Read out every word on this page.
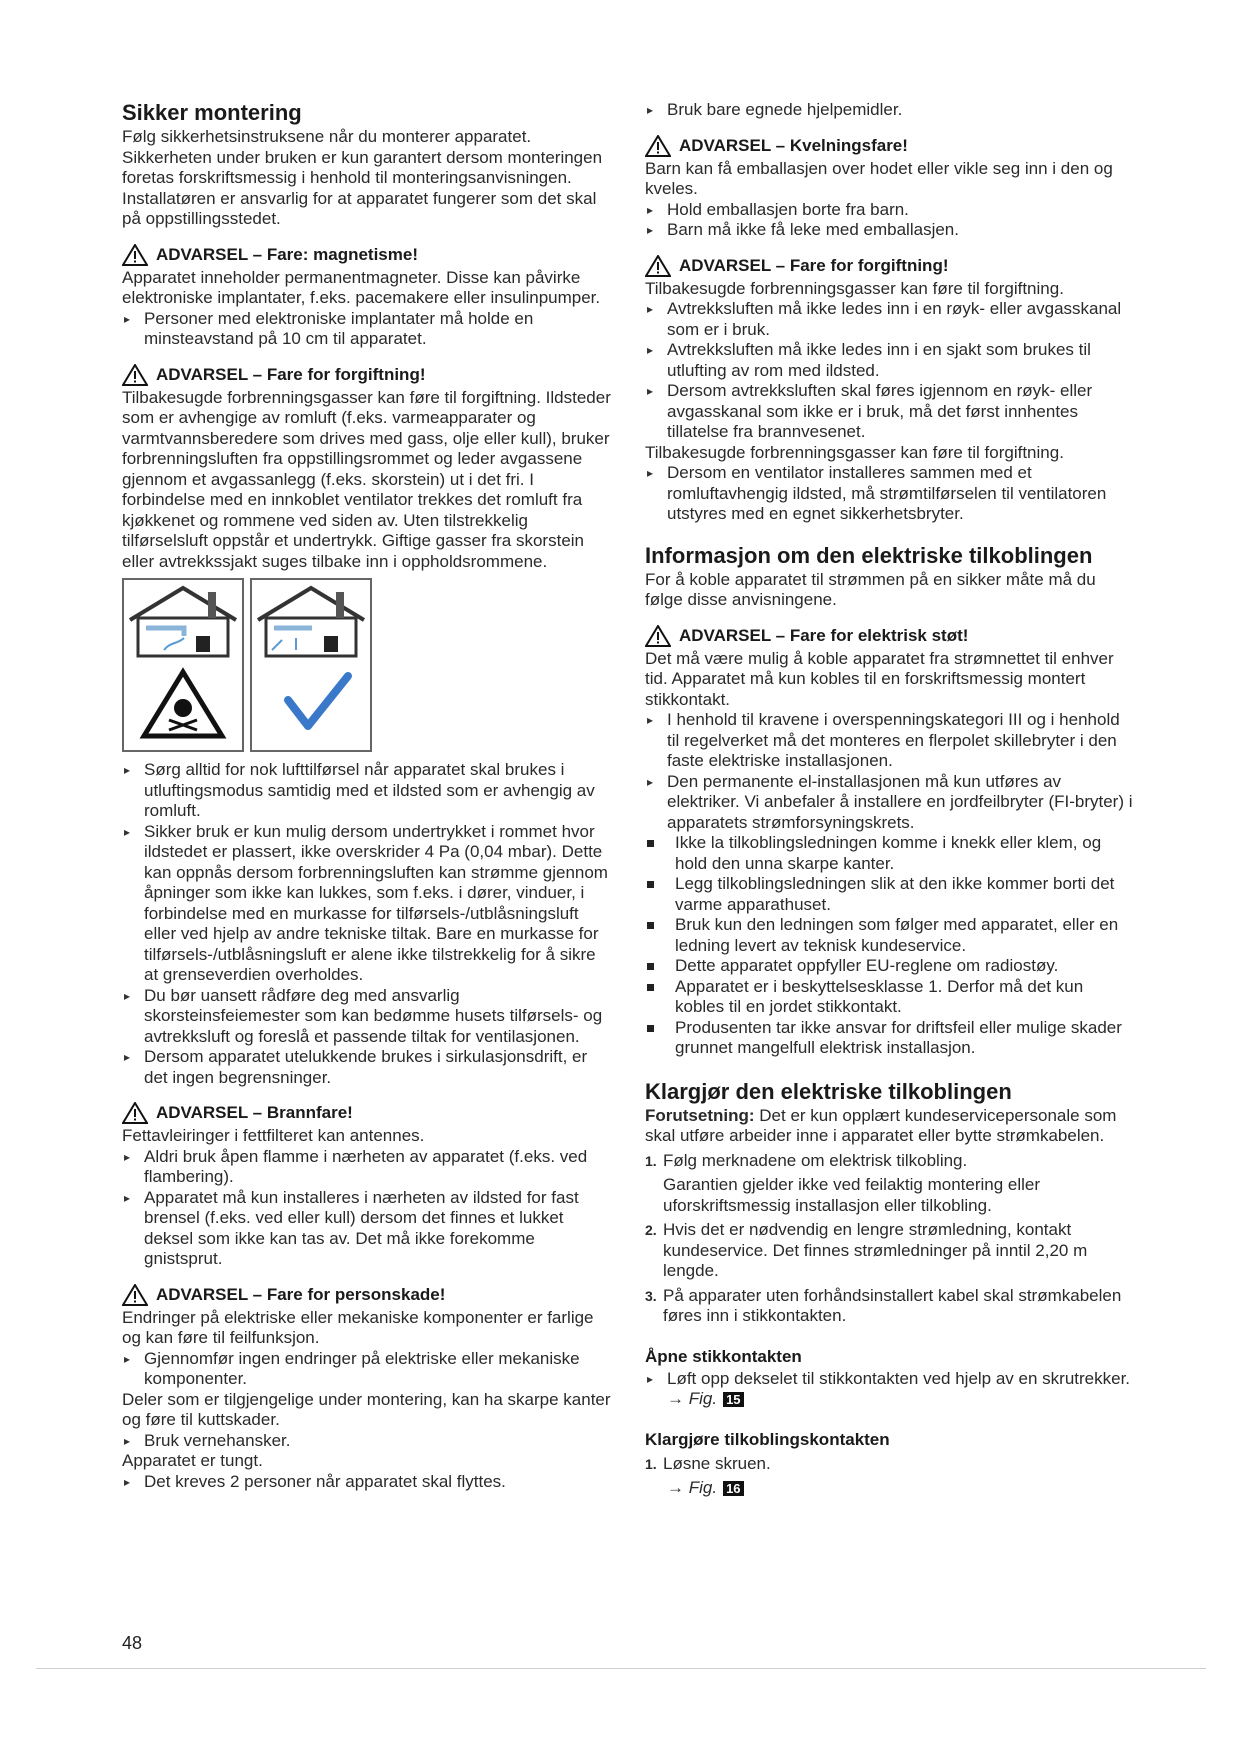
Sikker montering

Følg sikkerhetsinstruksene når du monterer apparatet.

Sikkerheten under bruken er kun garantert dersom monteringen foretas forskriftsmessig i henhold til monteringsanvisningen. Installatøren er ansvarlig for at apparatet fungerer som det skal på oppstillingsstedet.

ADVARSEL – Fare: magnetisme!

Apparatet inneholder permanentmagneter. Disse kan påvirke elektroniske implantater, f.eks. pacemakere eller insulinpumper.

▸ Personer med elektroniske implantater må holde en minsteavstand på 10 cm til apparatet.
ADVARSEL – Fare for forgiftning!

Tilbakesugde forbrenningsgasser kan føre til forgiftning. Ildsteder som er avhengige av romluft (f.eks. varmeapparater og varmtvannsberedere som drives med gass, olje eller kull), bruker forbrenningsluften fra oppstillingsrommet og leder avgassene gjennom et avgassanlegg (f.eks. skorstein) ut i det fri. I forbindelse med en innkoblet ventilator trekkes det romluft fra kjøkkenet og rommene ved siden av. Uten tilstrekkelig tilførselsluft oppstår et undertrykk. Giftige gasser fra skorstein eller avtrekkssjakt suges tilbake inn i oppholdsrommene.

▸ Sørg alltid for nok lufttilførsel når apparatet skal brukes i utluftingsmodus samtidig med et ildsted som er avhengig av romluft.
▸ Sikker bruk er kun mulig dersom undertrykket i rommet hvor ildstedet er plassert, ikke overskrider 4 Pa (0,04 mbar). Dette kan oppnås dersom forbrenningsluften kan strømme gjennom åpninger som ikke kan lukkes, som f.eks. i dører, vinduer, i forbindelse med en murkasse for tilførsels-/utblåsningsluft eller ved hjelp av andre tekniske tiltak. Bare en murkasse for tilførsels-/utblåsningsluft er alene ikke tilstrekkelig for å sikre at grenseverdien overholdes.
▸ Du bør uansett rådføre deg med ansvarlig skorsteinsfeiemester som kan bedømme husets tilførsels- og avtrekksluft og foreslå et passende tiltak for ventilasjonen.
▸ Dersom apparatet utelukkende brukes i sirkulasjonsdrift, er det ingen begrensninger.
ADVARSEL – Brannfare!

Fettavleiringer i fettfilteret kan antennes.

▸ Aldri bruk åpen flamme i nærheten av apparatet (f.eks. ved flambering).
▸ Apparatet må kun installeres i nærheten av ildsted for fast brensel (f.eks. ved eller kull) dersom det finnes et lukket deksel som ikke kan tas av. Det må ikke forekomme gnistsprut.
ADVARSEL – Fare for personskade!

Endringer på elektriske eller mekaniske komponenter er farlige og kan føre til feilfunksjon.

▸ Gjennomfør ingen endringer på elektriske eller mekaniske komponenter.

Deler som er tilgjengelige under montering, kan ha skarpe kanter og føre til kuttskader.

▸ Bruk vernehansker.

Apparatet er tungt.

▸ Det kreves 2 personer når apparatet skal flyttes.
▸ Bruk bare egnede hjelpemidler.
ADVARSEL – Kvelningsfare!

Barn kan få emballasjen over hodet eller vikle seg inn i den og kveles.

▸ Hold emballasjen borte fra barn.
▸ Barn må ikke få leke med emballasjen.
ADVARSEL – Fare for forgiftning!

Tilbakesugde forbrenningsgasser kan føre til forgiftning.

▸ Avtrekksluften må ikke ledes inn i en røyk- eller avgasskanal som er i bruk.
▸ Avtrekksluften må ikke ledes inn i en sjakt som brukes til utlufting av rom med ildsted.
▸ Dersom avtrekksluften skal føres igjennom en røyk- eller avgasskanal som ikke er i bruk, må det først innhentes tillatelse fra brannvesenet.

Tilbakesugde forbrenningsgasser kan føre til forgiftning.

▸ Dersom en ventilator installeres sammen med et romluftavhengig ildsted, må strømtilførselen til ventilatoren utstyres med en egnet sikkerhetsbryter.
Informasjon om den elektriske tilkoblingen

For å koble apparatet til strømmen på en sikker måte må du følge disse anvisningene.

ADVARSEL – Fare for elektrisk støt!

Det må være mulig å koble apparatet fra strømnettet til enhver tid. Apparatet må kun kobles til en forskriftsmessig montert stikkontakt.

▸ I henhold til kravene i overspenningskategori III og i henhold til regelverket må det monteres en flerpolet skillebryter i den faste elektriske installasjonen.
▸ Den permanente el-installasjonen må kun utføres av elektriker. Vi anbefaler å installere en jordfeilbryter (FI-bryter) i apparatets strømforsyningskrets.
Ikke la tilkoblingsledningen komme i knekk eller klem, og hold den unna skarpe kanter.
Legg tilkoblingsledningen slik at den ikke kommer borti det varme apparathuset.
Bruk kun den ledningen som følger med apparatet, eller en ledning levert av teknisk kundeservice.
Dette apparatet oppfyller EU-reglene om radiostøy.
Apparatet er i beskyttelsesklasse 1. Derfor må det kun kobles til en jordet stikkontakt.
Produsenten tar ikke ansvar for driftsfeil eller mulige skader grunnet mangelfull elektrisk installasjon.
Klargjør den elektriske tilkoblingen

Forutsetning: Det er kun opplært kundeservicepersonale som skal utføre arbeider inne i apparatet eller bytte strømkabelen.

1. Følg merknadene om elektrisk tilkobling.

Garantien gjelder ikke ved feilaktig montering eller uforskriftsmessig installasjon eller tilkobling.

2. Hvis det er nødvendig en lengre strømledning, kontakt kundeservice. Det finnes strømledninger på inntil 2,20 m lengde.
3. På apparater uten forhåndsinstallert kabel skal strømkabelen føres inn i stikkontakten.
Åpne stikkontakten
▸ Løft opp dekselet til stikkontakten ved hjelp av en skrutrekker.
→ Fig. 15
Klargjøre tilkoblingskontakten
1. Løsne skruen.
→ Fig. 16
48
